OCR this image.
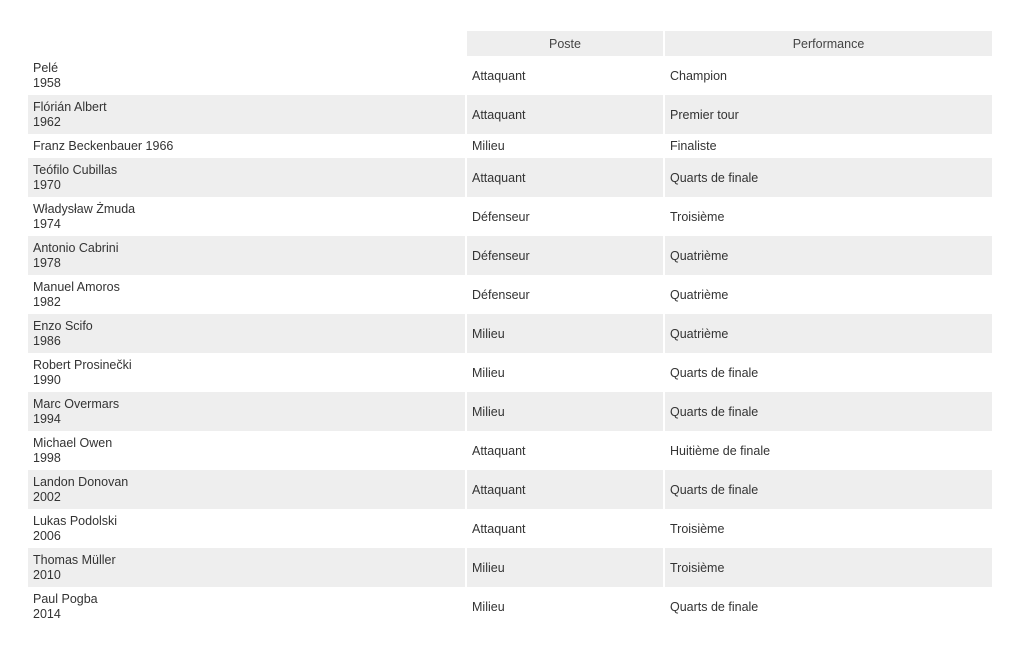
	Poste	Performance

Pelé
1958	Attaquant	Champion

Flórián Albert
1962	Attaquant	Premier tour

Franz Beckenbauer 1966	Milieu	Finaliste

Teófilo Cubillas
1970	Attaquant	Quarts de finale

Władysław Żmuda
1974	Défenseur	Troisième

Antonio Cabrini
1978	Défenseur	Quatrième

Manuel Amoros
1982	Défenseur	Quatrième

Enzo Scifo
1986	Milieu	Quatrième

Robert Prosinečki
1990	Milieu	Quarts de finale

Marc Overmars
1994	Milieu	Quarts de finale

Michael Owen
1998	Attaquant	Huitième de finale

Landon Donovan
2002	Attaquant	Quarts de finale

Lukas Podolski
2006	Attaquant	Troisième

Thomas Müller
2010	Milieu	Troisième

Paul Pogba
2014	Milieu	Quarts de finale
